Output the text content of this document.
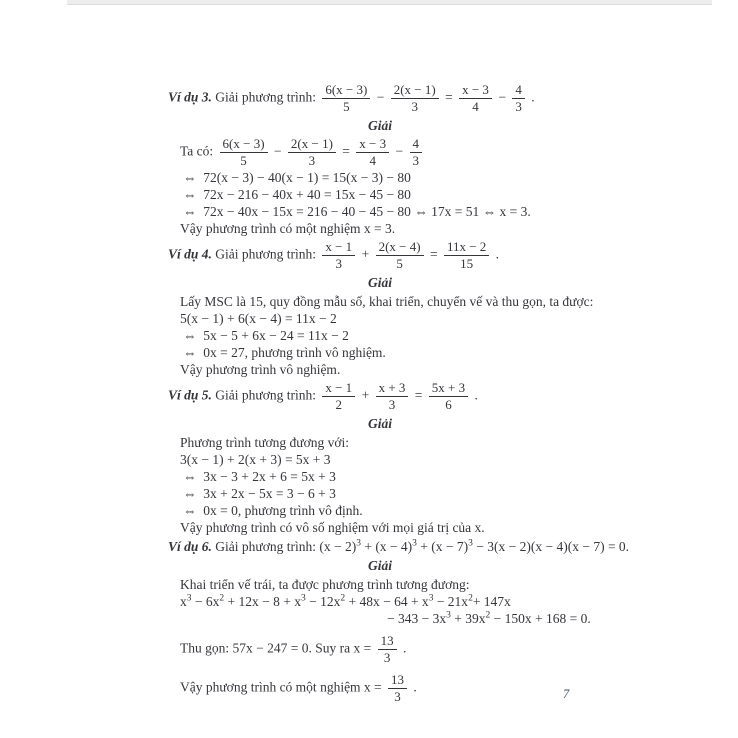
Ví dụ 3. Giải phương trình: $\frac{6(x - 3)}{5} - \frac{2(x - 1)}{3} = \frac{x - 3}{4} - \frac{4}{3}$ .
Giải
Ta có: $\frac{6(x - 3)}{5} - \frac{2(x - 1)}{3} = \frac{x - 3}{4} - \frac{4}{3}$
⇔  72(x − 3) − 40(x − 1) = 15(x − 3) − 80
⇔  72x − 216 − 40x + 40 = 15x − 45 − 80
⇔  72x − 40x − 15x = 216 − 40 − 45 − 80 ⇔ 17x = 51 ⇔ x = 3.
Vậy phương trình có một nghiệm x = 3.
Ví dụ 4. Giải phương trình: $\frac{x - 1}{3} + \frac{2(x - 4)}{5} = \frac{11x - 2}{15}$ .
Giải
Lấy MSC là 15, quy đồng mẫu số, khai triển, chuyển vế và thu gọn, ta được:
5(x − 1) + 6(x − 4) = 11x − 2
⇔  5x − 5 + 6x − 24 = 11x − 2
⇔  0x = 27, phương trình vô nghiệm.
Vậy phương trình vô nghiệm.
Ví dụ 5. Giải phương trình: $\frac{x - 1}{2} + \frac{x + 3}{3} = \frac{5x + 3}{6}$ .
Giải
Phương trình tương đương với:
3(x − 1) + 2(x + 3) = 5x + 3
⇔  3x − 3 + 2x + 6 = 5x + 3
⇔  3x + 2x − 5x = 3 − 6 + 3
⇔  0x = 0, phương trình vô định.
Vậy phương trình có vô số nghiệm với mọi giá trị của x.
Ví dụ 6. Giải phương trình: $(x - 2)^3 + (x - 4)^3 + (x - 7)^3 - 3(x - 2)(x - 4)(x - 7) = 0$.
Giải
Khai triển vế trái, ta được phương trình tương đương:
$x^3 - 6x^2 + 12x - 8 + x^3 - 12x^2 + 48x - 64 + x^3 - 21x^2+ 147x$
− $343 - 3x^3 + 39x^2 - 150x + 168 = 0$.
Thu gọn: 57x − 247 = 0. Suy ra $x = \frac{13}{3}$ .
Vậy phương trình có một nghiệm $x = \frac{13}{3}$ .	7
